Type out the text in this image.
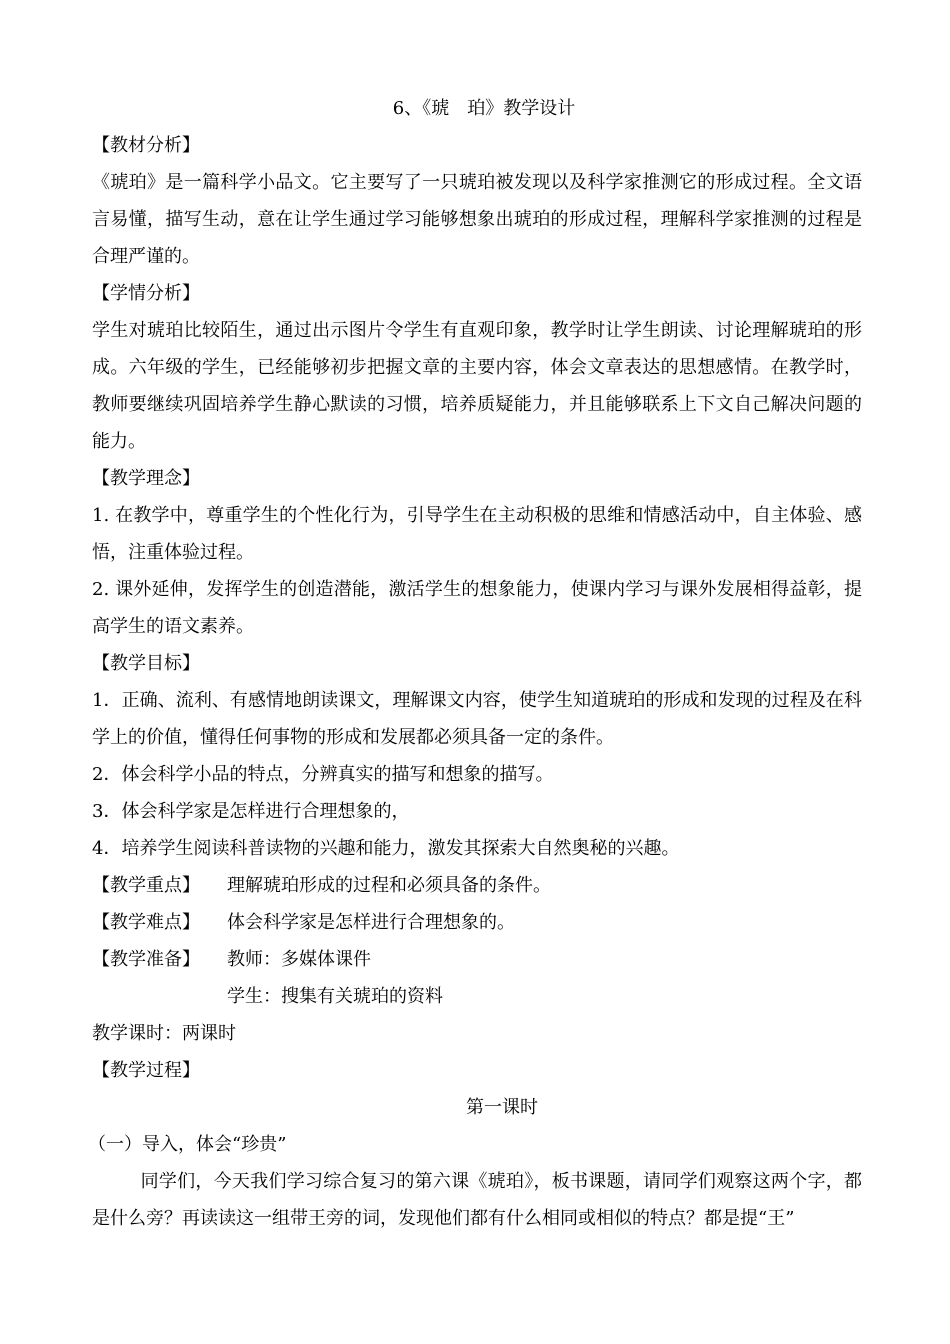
6、《琥　珀》教学设计

【教材分析】

《琥珀》是一篇科学小品文。它主要写了一只琥珀被发现以及科学家推测它的形成过程。全文语言易懂，描写生动，意在让学生通过学习能够想象出琥珀的形成过程，理解科学家推测的过程是合理严谨的。

【学情分析】

学生对琥珀比较陌生，通过出示图片令学生有直观印象，教学时让学生朗读、讨论理解琥珀的形成。六年级的学生，已经能够初步把握文章的主要内容，体会文章表达的思想感情。在教学时，教师要继续巩固培养学生静心默读的习惯，培养质疑能力，并且能够联系上下文自己解决问题的能力。

【教学理念】

1. 在教学中，尊重学生的个性化行为，引导学生在主动积极的思维和情感活动中，自主体验、感悟，注重体验过程。

2. 课外延伸，发挥学生的创造潜能，激活学生的想象能力，使课内学习与课外发展相得益彰，提高学生的语文素养。

【教学目标】

1．正确、流利、有感情地朗读课文，理解课文内容，使学生知道琥珀的形成和发现的过程及在科学上的价值，懂得任何事物的形成和发展都必须具备一定的条件。

2．体会科学小品的特点，分辨真实的描写和想象的描写。

3．体会科学家是怎样进行合理想象的，

4．培养学生阅读科普读物的兴趣和能力，激发其探索大自然奥秘的兴趣。

【教学重点】	理解琥珀形成的过程和必须具备的条件。
【教学难点】	体会科学家是怎样进行合理想象的。
【教学准备】	教师：多媒体课件
学生：搜集有关琥珀的资料

教学课时：两课时

【教学过程】

第一课时

（一）导入，体会“珍贵”

同学们，今天我们学习综合复习的第六课《琥珀》，板书课题，请同学们观察这两个字，都是什么旁？再读读这一组带王旁的词，发现他们都有什么相同或相似的特点？都是提“王”
